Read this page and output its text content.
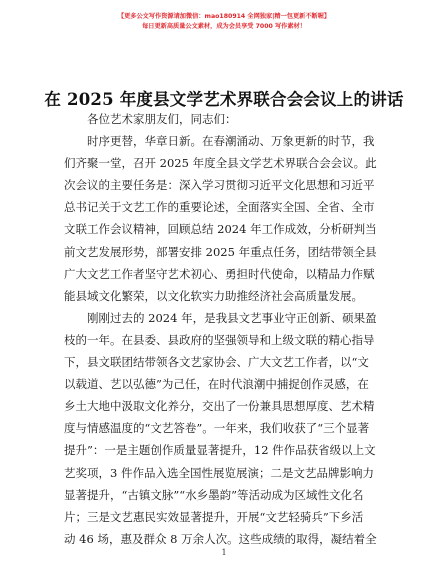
【更多公文写作资源请加微信：mao180914 全网独家|精一包更新不断喔】
每日更新高质量公文素材，成为会员享受 7000 写作素材！
在 2025 年度县文学艺术界联合会会议上的讲话
各位艺术家朋友们，同志们：
时序更替，华章日新。在春潮涌动、万象更新的时节，我
们齐聚一堂，召开 2025 年度全县文学艺术界联合会会议。此
次会议的主要任务是：深入学习贯彻习近平文化思想和习近平
总书记关于文艺工作的重要论述，全面落实全国、全省、全市
文联工作会议精神，回顾总结 2024 年工作成效，分析研判当
前文艺发展形势，部署安排 2025 年重点任务，团结带领全县
广大文艺工作者坚守艺术初心、勇担时代使命，以精品力作赋
能县域文化繁荣，以文化软实力助推经济社会高质量发展。
刚刚过去的 2024 年，是我县文艺事业守正创新、硕果盈
枝的一年。在县委、县政府的坚强领导和上级文联的精心指导
下，县文联团结带领各文艺家协会、广大文艺工作者，以“文
以载道、艺以弘德”为己任，在时代浪潮中捕捉创作灵感，在
乡土大地中汲取文化养分，交出了一份兼具思想厚度、艺术精
度与情感温度的“文艺答卷”。一年来，我们收获了“三个显著
提升”：一是主题创作质量显著提升，12 件作品获省级以上文
艺奖项，3 件作品入选全国性展览展演；二是文艺品牌影响力
显著提升，“古镇文脉”“水乡墨韵”等活动成为区域性文化名
片；三是文艺惠民实效显著提升，开展“文艺轻骑兵”下乡活
动 46 场，惠及群众 8 万余人次。这些成绩的取得，凝结着全
1
